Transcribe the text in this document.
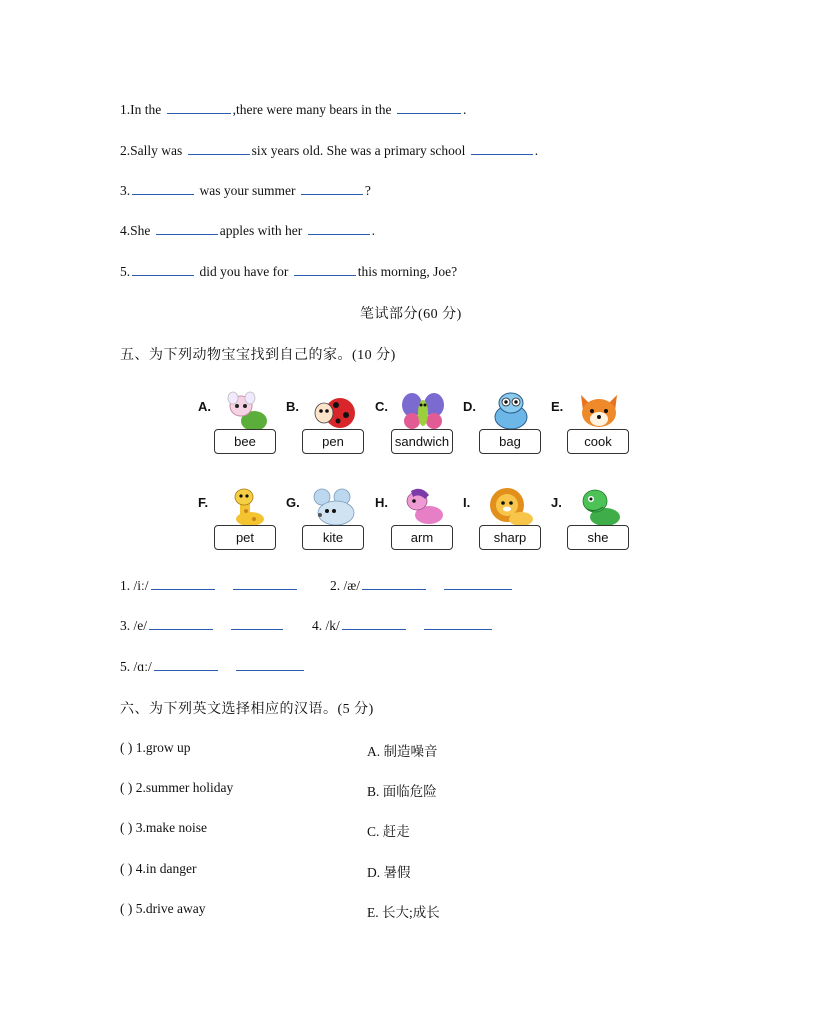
1.In the	,there were many bears in the	.
2.Sally was	six years old. She was a primary school	.
3.	was your summer	?
4.She	apples with her	.
5.	did you have for	this morning, Joe?
笔试部分(60 分)
五、为下列动物宝宝找到自己的家。(10 分)
A.
bee
B.
pen
C.
sandwich
D.
bag
E.
cook
F.
pet
G.
kite
H.
arm
I.
sharp
J.
she
1. /iː/	2. /æ/
3. /e/	4. /k/
5. /ɑː/
六、为下列英文选择相应的汉语。(5 分)
( ) 1.grow up	A. 制造噪音
( ) 2.summer holiday	B. 面临危险
( ) 3.make noise	C. 赶走
( ) 4.in danger	D. 暑假
( ) 5.drive away	E. 长大;成长
